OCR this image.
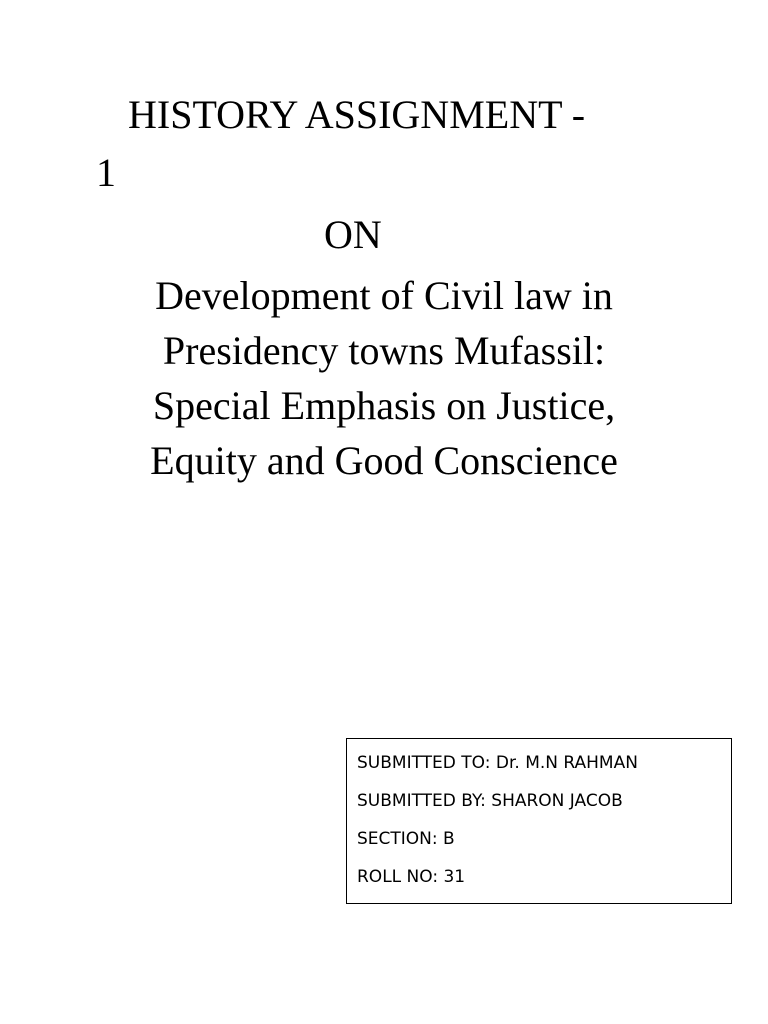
HISTORY ASSIGNMENT -
1
ON
Development of Civil law in
Presidency towns Mufassil:
Special Emphasis on Justice,
Equity and Good Conscience
SUBMITTED TO: Dr. M.N RAHMAN
SUBMITTED BY: SHARON JACOB
SECTION: B
ROLL NO: 31
